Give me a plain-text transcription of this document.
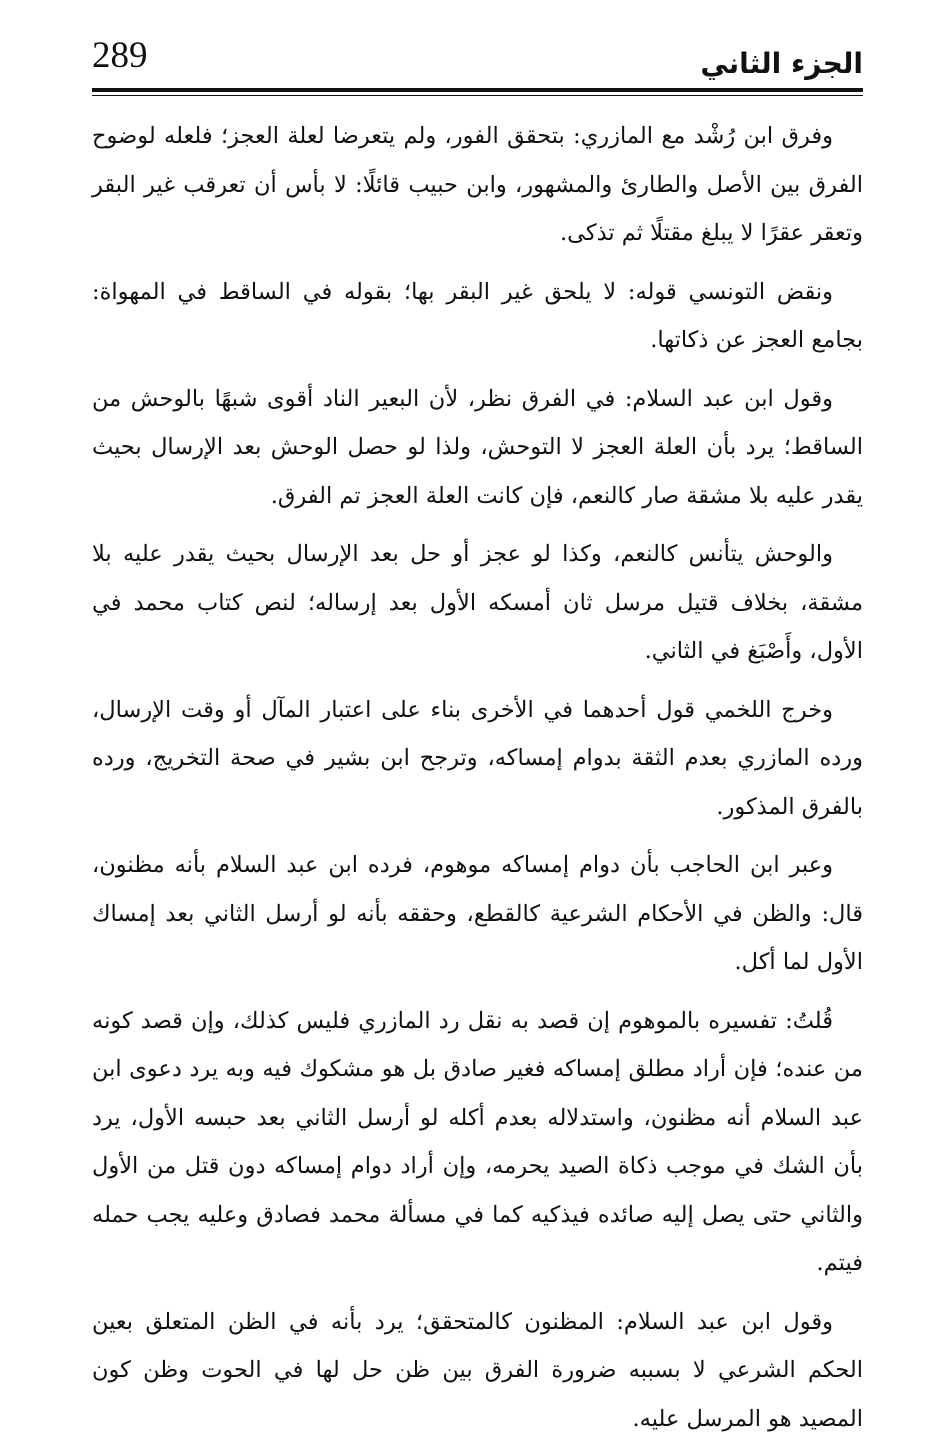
289	الجزء الثاني

وفرق ابن رُشْد مع المازري: بتحقق الفور، ولم يتعرضا لعلة العجز؛ فلعله لوضوح الفرق بين الأصل والطارئ والمشهور، وابن حبيب قائلًا: لا بأس أن تعرقب غير البقر وتعقر عقرًا لا يبلغ مقتلًا ثم تذكى.

ونقض التونسي قوله: لا يلحق غير البقر بها؛ بقوله في الساقط في المهواة: بجامع العجز عن ذكاتها.

وقول ابن عبد السلام: في الفرق نظر، لأن البعير الناد أقوى شبهًا بالوحش من الساقط؛ يرد بأن العلة العجز لا التوحش، ولذا لو حصل الوحش بعد الإرسال بحيث يقدر عليه بلا مشقة صار كالنعم، فإن كانت العلة العجز تم الفرق.

والوحش يتأنس كالنعم، وكذا لو عجز أو حل بعد الإرسال بحيث يقدر عليه بلا مشقة، بخلاف قتيل مرسل ثان أمسكه الأول بعد إرساله؛ لنص كتاب محمد في الأول، وأَصْبَغ في الثاني.

وخرج اللخمي قول أحدهما في الأخرى بناء على اعتبار المآل أو وقت الإرسال، ورده المازري بعدم الثقة بدوام إمساكه، وترجح ابن بشير في صحة التخريج، ورده بالفرق المذكور.

وعبر ابن الحاجب بأن دوام إمساكه موهوم، فرده ابن عبد السلام بأنه مظنون، قال: والظن في الأحكام الشرعية كالقطع، وحققه بأنه لو أرسل الثاني بعد إمساك الأول لما أكل.

قُلتُ: تفسيره بالموهوم إن قصد به نقل رد المازري فليس كذلك، وإن قصد كونه من عنده؛ فإن أراد مطلق إمساكه فغير صادق بل هو مشكوك فيه وبه يرد دعوى ابن عبد السلام أنه مظنون، واستدلاله بعدم أكله لو أرسل الثاني بعد حبسه الأول، يرد بأن الشك في موجب ذكاة الصيد يحرمه، وإن أراد دوام إمساكه دون قتل من الأول والثاني حتى يصل إليه صائده فيذكيه كما في مسألة محمد فصادق وعليه يجب حمله فيتم.

وقول ابن عبد السلام: المظنون كالمتحقق؛ يرد بأنه في الظن المتعلق بعين الحكم الشرعي لا بسببه ضرورة الفرق بين ظن حل لها في الحوت وظن كون المصيد هو المرسل عليه.
